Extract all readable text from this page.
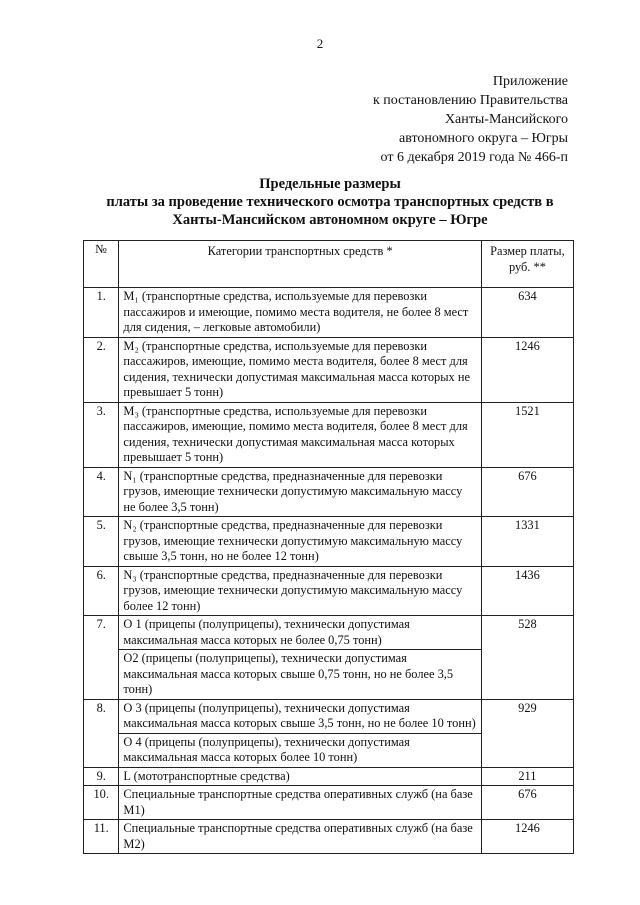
2
Приложение
к постановлению Правительства
Ханты-Мансийского
автономного округа – Югры
от 6 декабря 2019 года № 466-п
Предельные размеры
платы за проведение технического осмотра транспортных средств в
Ханты-Мансийском автономном округе – Югре
№	Категории транспортных средств *	Размер платы, руб. **
1.	M₁ (транспортные средства, используемые для перевозки пассажиров и имеющие, помимо места водителя, не более 8 мест для сидения, – легковые автомобили)	634
2.	M₂ (транспортные средства, используемые для перевозки пассажиров, имеющие, помимо места водителя, более 8 мест для сидения, технически допустимая максимальная масса которых не превышает 5 тонн)	1246
3.	M₃ (транспортные средства, используемые для перевозки пассажиров, имеющие, помимо места водителя, более 8 мест для сидения, технически допустимая максимальная масса которых превышает 5 тонн)	1521
4.	N₁ (транспортные средства, предназначенные для перевозки грузов, имеющие технически допустимую максимальную массу не более 3,5 тонн)	676
5.	N₂ (транспортные средства, предназначенные для перевозки грузов, имеющие технически допустимую максимальную массу свыше 3,5 тонн, но не более 12 тонн)	1331
6.	N₃ (транспортные средства, предназначенные для перевозки грузов, имеющие технически допустимую максимальную массу более 12 тонн)	1436
7.	О 1 (прицепы (полуприцепы), технически допустимая максимальная масса которых не более 0,75 тонн)	528
	О2 (прицепы (полуприцепы), технически допустимая максимальная масса которых свыше 0,75 тонн, но не более 3,5 тонн)	
8.	О 3 (прицепы (полуприцепы), технически допустимая максимальная масса которых свыше 3,5 тонн, но не более 10 тонн)	929
	О 4 (прицепы (полуприцепы), технически допустимая максимальная масса которых более 10 тонн)	
9.	L (мототранспортные средства)	211
10.	Специальные транспортные средства оперативных служб (на базе М1)	676
11.	Специальные транспортные средства оперативных служб (на базе М2)	1246
